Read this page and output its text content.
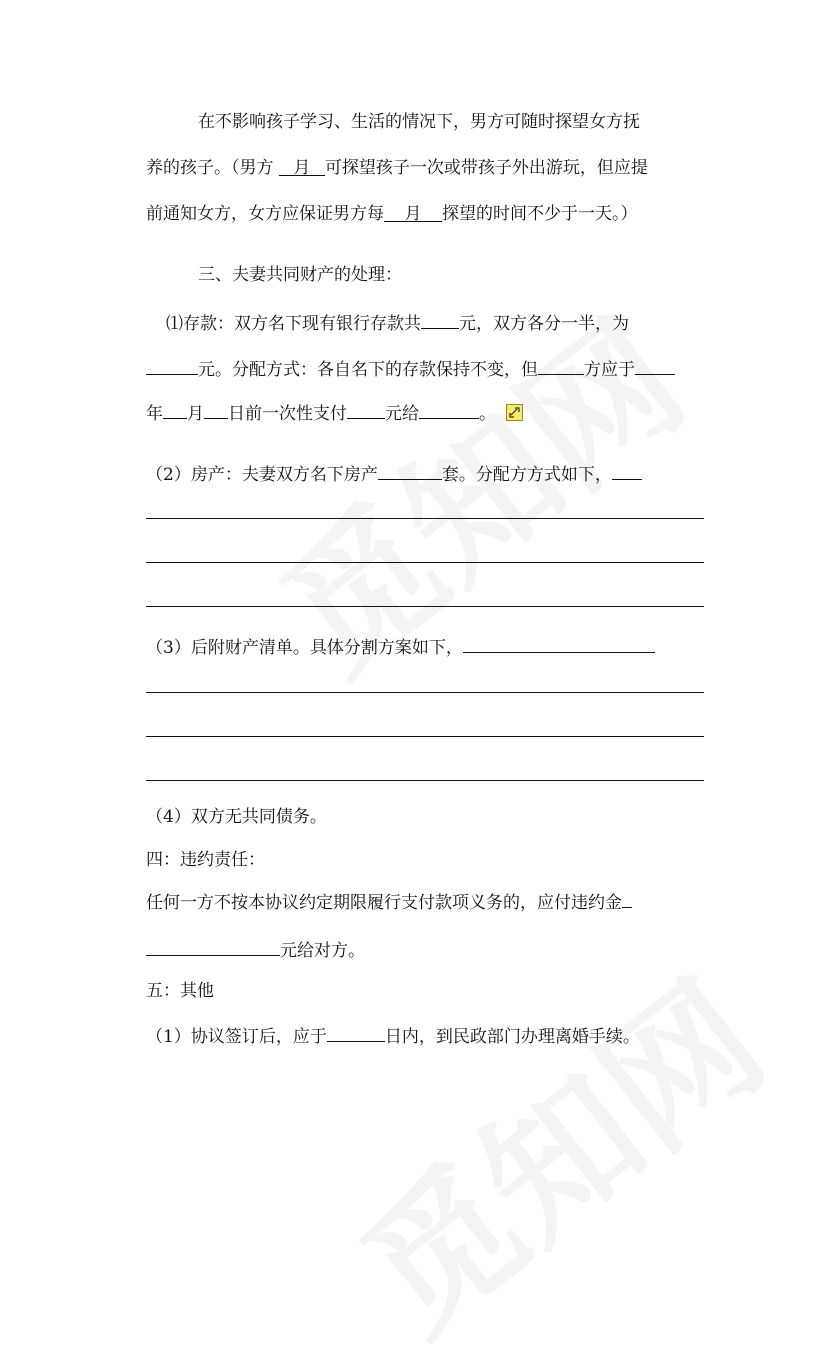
在不影响孩子学习、生活的情况下，男方可随时探望女方抚
养的孩子。（男方 月 可探望孩子一次或带孩子外出游玩，但应提
前通知女方，女方应保证男方每 月 探望的时间不少于一天。）
三、夫妻共同财产的处理：
⑴存款：双方名下现有银行存款共 元，双方各分一半，为
元。分配方式：各自名下的存款保持不变，但	方应于
年 月 日前一次性支付 元给	。
（2）房产：夫妻双方名下房产	套。分配方方式如下，
（3）后附财产清单。具体分割方案如下，
（4）双方无共同债务。
四：违约责任：
任何一方不按本协议约定期限履行支付款项义务的，应付违约金
元给对方。
五：其他
（1）协议签订后，应于	日内，到民政部门办理离婚手续。
